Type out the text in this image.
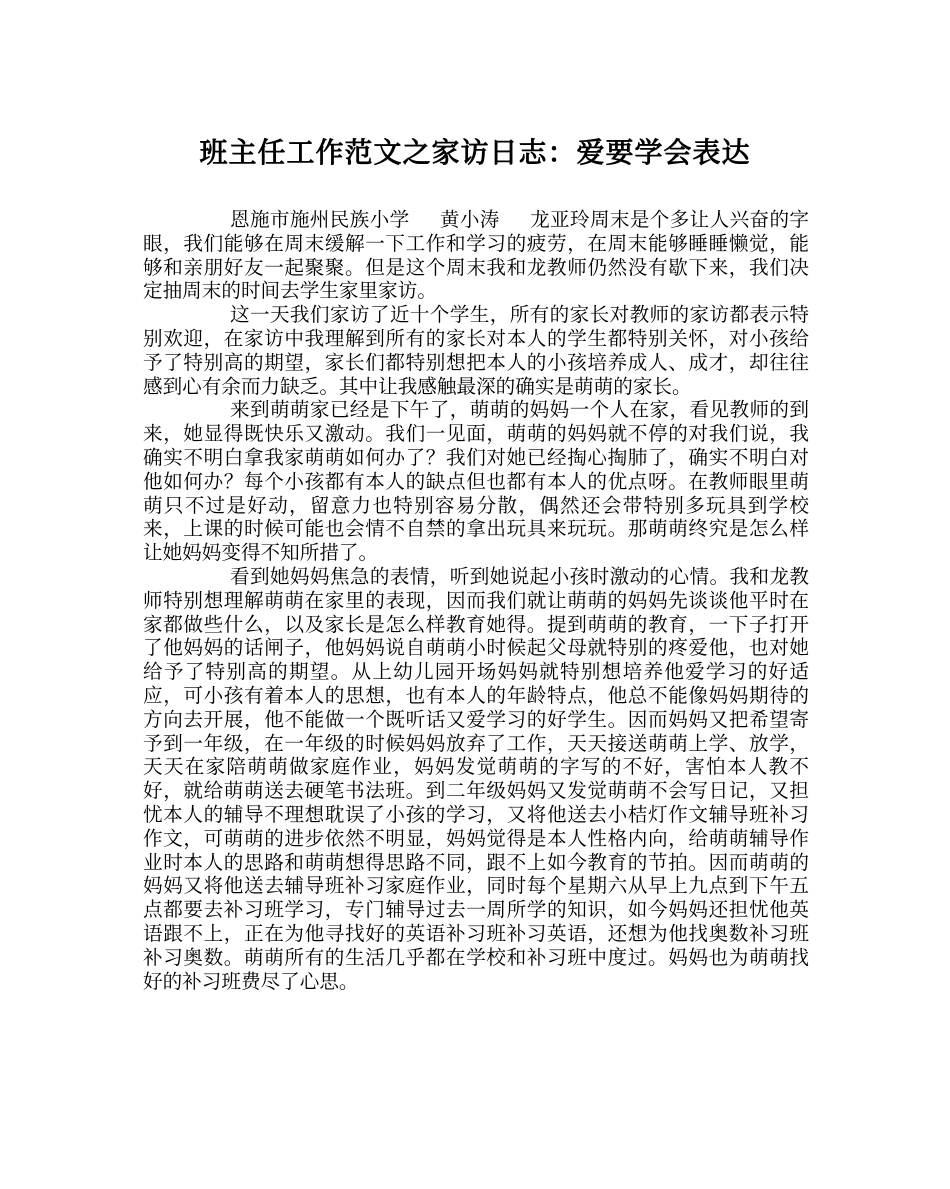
班主任工作范文之家访日志：爱要学会表达

恩施市施州民族小学 黄小涛 龙亚玲周末是个多让人兴奋的字眼，我们能够在周末缓解一下工作和学习的疲劳，在周末能够睡睡懒觉，能够和亲朋好友一起聚聚。但是这个周末我和龙教师仍然没有歇下来，我们决定抽周末的时间去学生家里家访。

这一天我们家访了近十个学生，所有的家长对教师的家访都表示特别欢迎，在家访中我理解到所有的家长对本人的学生都特别关怀，对小孩给予了特别高的期望，家长们都特别想把本人的小孩培养成人、成才，却往往感到心有余而力缺乏。其中让我感触最深的确实是萌萌的家长。

来到萌萌家已经是下午了，萌萌的妈妈一个人在家，看见教师的到来，她显得既快乐又激动。我们一见面，萌萌的妈妈就不停的对我们说，我确实不明白拿我家萌萌如何办了？我们对她已经掏心掏肺了，确实不明白对他如何办？每个小孩都有本人的缺点但也都有本人的优点呀。在教师眼里萌萌只不过是好动，留意力也特别容易分散，偶然还会带特别多玩具到学校来，上课的时候可能也会情不自禁的拿出玩具来玩玩。那萌萌终究是怎么样让她妈妈变得不知所措了。

看到她妈妈焦急的表情，听到她说起小孩时激动的心情。我和龙教师特别想理解萌萌在家里的表现，因而我们就让萌萌的妈妈先谈谈他平时在家都做些什么，以及家长是怎么样教育她得。提到萌萌的教育，一下子打开了他妈妈的话闸子，他妈妈说自萌萌小时候起父母就特别的疼爱他，也对她给予了特别高的期望。从上幼儿园开场妈妈就特别想培养他爱学习的好适应，可小孩有着本人的思想，也有本人的年龄特点，他总不能像妈妈期待的方向去开展，他不能做一个既听话又爱学习的好学生。因而妈妈又把希望寄予到一年级，在一年级的时候妈妈放弃了工作，天天接送萌萌上学、放学，天天在家陪萌萌做家庭作业，妈妈发觉萌萌的字写的不好，害怕本人教不好，就给萌萌送去硬笔书法班。到二年级妈妈又发觉萌萌不会写日记，又担忧本人的辅导不理想耽误了小孩的学习，又将他送去小桔灯作文辅导班补习作文，可萌萌的进步依然不明显，妈妈觉得是本人性格内向，给萌萌辅导作业时本人的思路和萌萌想得思路不同，跟不上如今教育的节拍。因而萌萌的妈妈又将他送去辅导班补习家庭作业，同时每个星期六从早上九点到下午五点都要去补习班学习，专门辅导过去一周所学的知识，如今妈妈还担忧他英语跟不上，正在为他寻找好的英语补习班补习英语，还想为他找奥数补习班补习奥数。萌萌所有的生活几乎都在学校和补习班中度过。妈妈也为萌萌找好的补习班费尽了心思。
